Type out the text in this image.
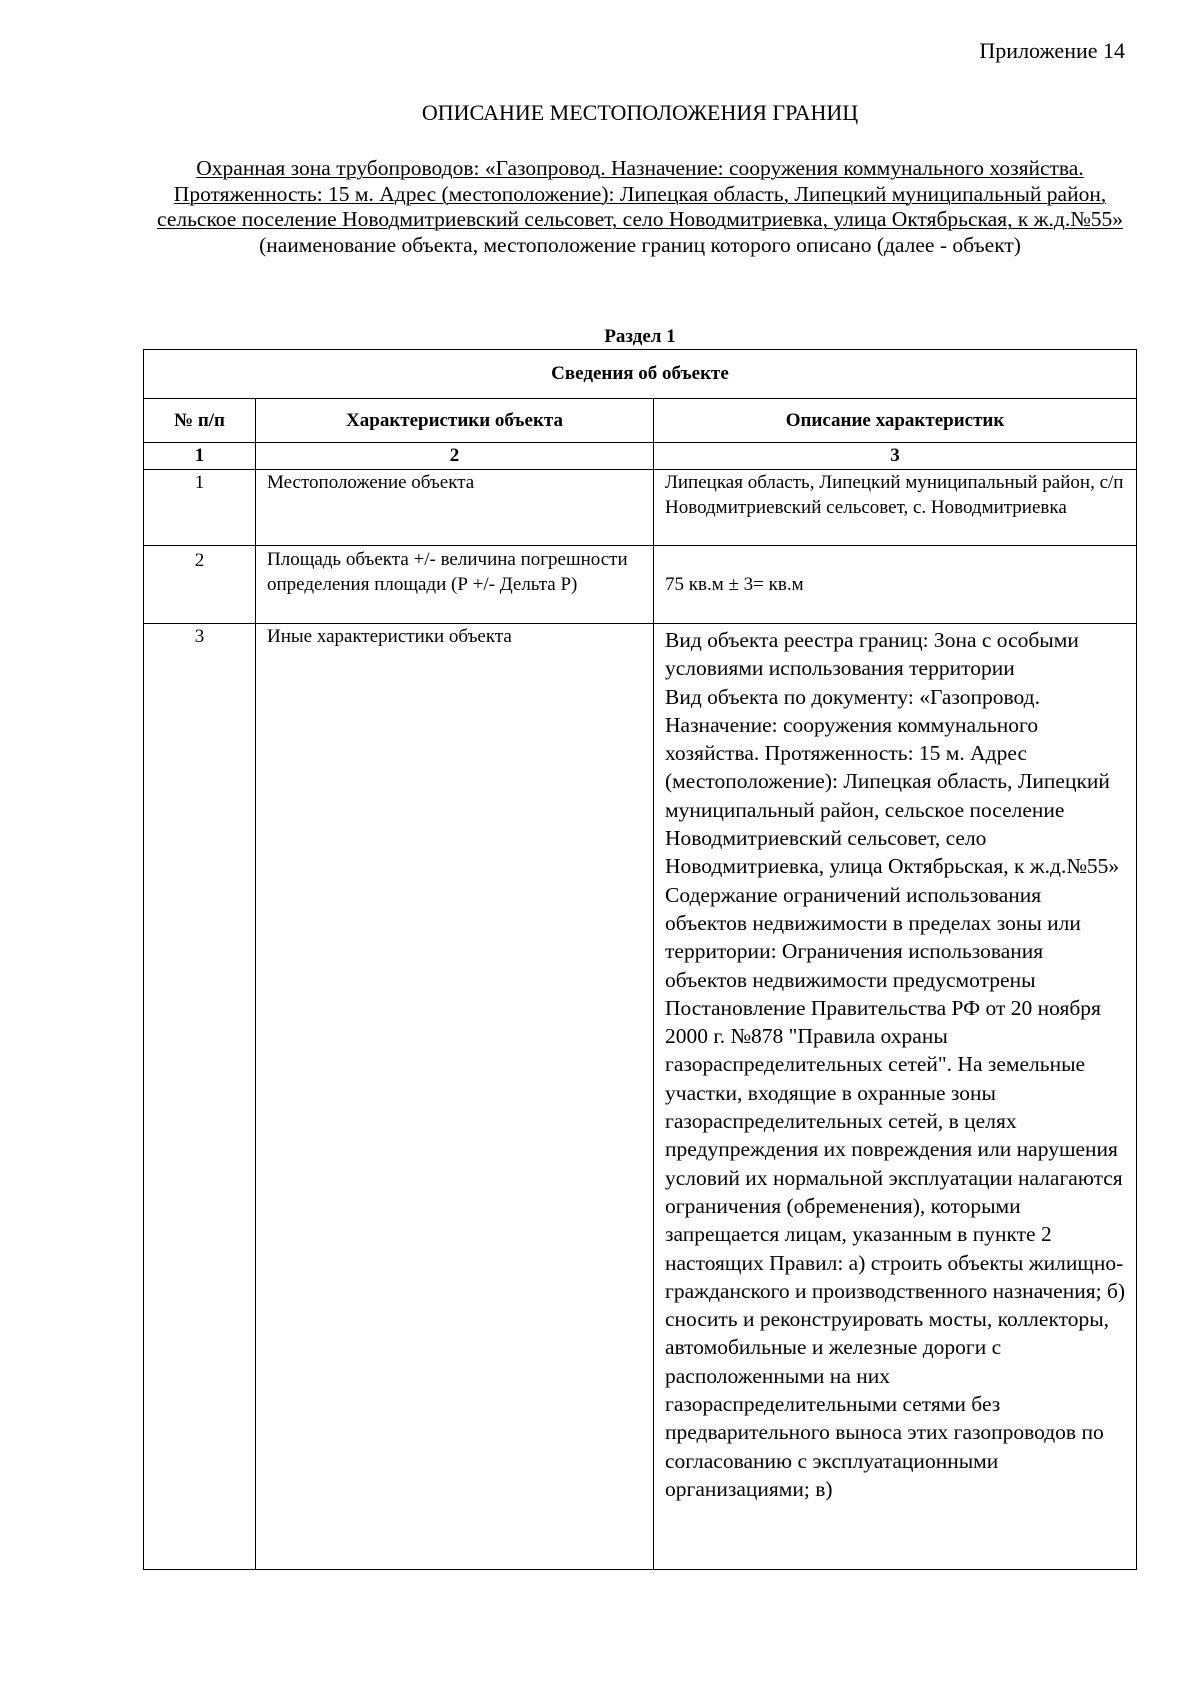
Приложение 14
ОПИСАНИЕ МЕСТОПОЛОЖЕНИЯ ГРАНИЦ
Охранная зона трубопроводов: «Газопровод. Назначение: сооружения коммунального хозяйства. Протяженность: 15 м. Адрес (местоположение): Липецкая область, Липецкий муниципальный район, сельское поселение Новодмитриевский сельсовет, село Новодмитриевка, улица Октябрьская, к ж.д.№55»
(наименование объекта, местоположение границ которого описано (далее - объект)
Раздел 1
Сведения об объекте		
№ п/п	Характеристики объекта	Описание характеристик
1	2	3
1	Местоположение объекта	Липецкая область, Липецкий муниципальный район, с/п Новодмитриевский сельсовет, с. Новодмитриевка
2	Площадь объекта +/- величина погрешности определения площади (Р +/- Дельта Р)	75 кв.м ± 3= кв.м
3	Иные характеристики объекта	Вид объекта реестра границ: Зона с особыми условиями использования территории
Вид объекта по документу: «Газопровод. Назначение: сооружения коммунального хозяйства. Протяженность: 15 м. Адрес (местоположение): Липецкая область, Липецкий муниципальный район, сельское поселение Новодмитриевский сельсовет, село Новодмитриевка, улица Октябрьская, к ж.д.№55»
Содержание ограничений использования объектов недвижимости в пределах зоны или территории: Ограничения использования объектов недвижимости предусмотрены Постановление Правительства РФ от 20 ноября 2000 г. №878 "Правила охраны газораспределительных сетей". На земельные участки, входящие в охранные зоны газораспределительных сетей, в целях предупреждения их повреждения или нарушения условий их нормальной эксплуатации налагаются ограничения (обременения), которыми запрещается лицам, указанным в пункте 2 настоящих Правил: а) строить объекты жилищно-гражданского и производственного назначения; б) сносить и реконструировать мосты, коллекторы, автомобильные и железные дороги с расположенными на них газораспределительными сетями без предварительного выноса этих газопроводов по согласованию с эксплуатационными организациями; в)
